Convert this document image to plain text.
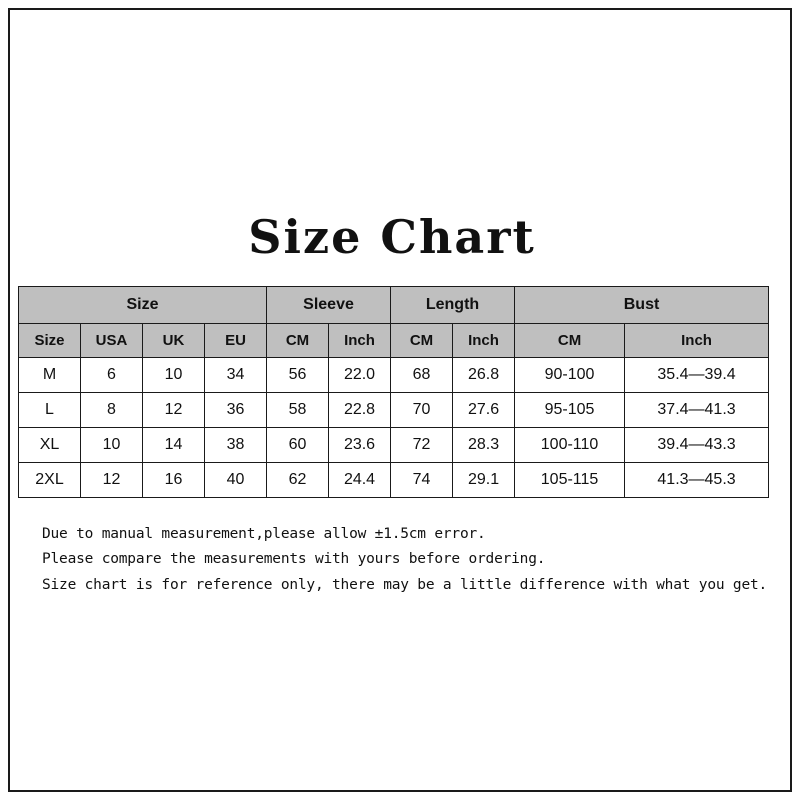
Size Chart
Size				Sleeve		Length		Bust	
Size	USA	UK	EU	CM	Inch	CM	Inch	CM	Inch
M	6	10	34	56	22.0	68	26.8	90-100	35.4—39.4
L	8	12	36	58	22.8	70	27.6	95-105	37.4—41.3
XL	10	14	38	60	23.6	72	28.3	100-110	39.4—43.3
2XL	12	16	40	62	24.4	74	29.1	105-115	41.3—45.3
Due to manual measurement,please allow ±1.5cm error.
Please compare the measurements with yours before ordering.
Size chart is for reference only, there may be a little difference with what you get.
